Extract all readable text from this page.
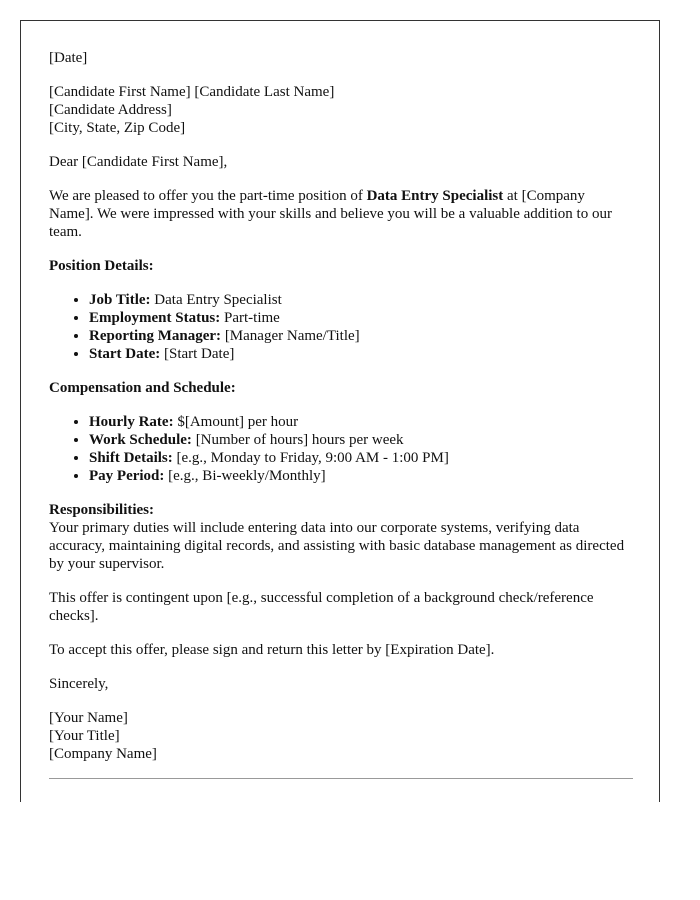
[Date]

[Candidate First Name] [Candidate Last Name]
[Candidate Address]
[City, State, Zip Code]

Dear [Candidate First Name],

We are pleased to offer you the part-time position of Data Entry Specialist at [Company Name]. We were impressed with your skills and believe you will be a valuable addition to our team.

Position Details:
• Job Title: Data Entry Specialist
• Employment Status: Part-time
• Reporting Manager: [Manager Name/Title]
• Start Date: [Start Date]
Compensation and Schedule:
• Hourly Rate: $[Amount] per hour
• Work Schedule: [Number of hours] hours per week
• Shift Details: [e.g., Monday to Friday, 9:00 AM - 1:00 PM]
• Pay Period: [e.g., Bi-weekly/Monthly]
Responsibilities:

Your primary duties will include entering data into our corporate systems, verifying data accuracy, maintaining digital records, and assisting with basic database management as directed by your supervisor.

This offer is contingent upon [e.g., successful completion of a background check/reference checks].

To accept this offer, please sign and return this letter by [Expiration Date].

Sincerely,

[Your Name]
[Your Title]
[Company Name]
